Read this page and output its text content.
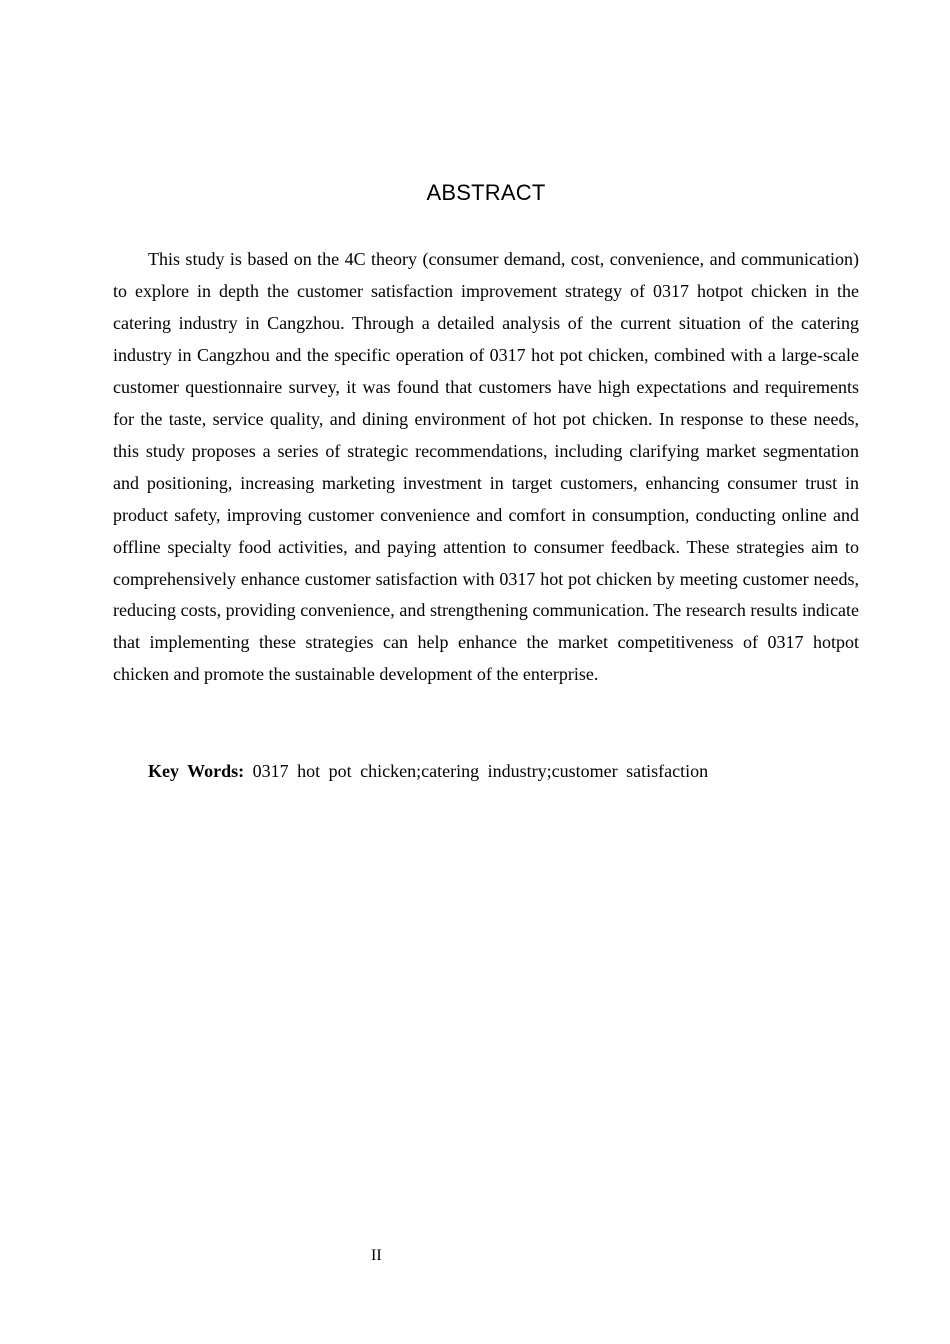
ABSTRACT

This study is based on the 4C theory (consumer demand, cost, convenience, and communication) to explore in depth the customer satisfaction improvement strategy of 0317 hotpot chicken in the catering industry in Cangzhou. Through a detailed analysis of the current situation of the catering industry in Cangzhou and the specific operation of 0317 hot pot chicken, combined with a large-scale customer questionnaire survey, it was found that customers have high expectations and requirements for the taste, service quality, and dining environment of hot pot chicken. In response to these needs, this study proposes a series of strategic recommendations, including clarifying market segmentation and positioning, increasing marketing investment in target customers, enhancing consumer trust in product safety, improving customer convenience and comfort in consumption, conducting online and offline specialty food activities, and paying attention to consumer feedback. These strategies aim to comprehensively enhance customer satisfaction with 0317 hot pot chicken by meeting customer needs, reducing costs, providing convenience, and strengthening communication. The research results indicate that implementing these strategies can help enhance the market competitiveness of 0317 hotpot chicken and promote the sustainable development of the enterprise.

Key Words: 0317 hot pot chicken;catering industry;customer satisfaction

II
